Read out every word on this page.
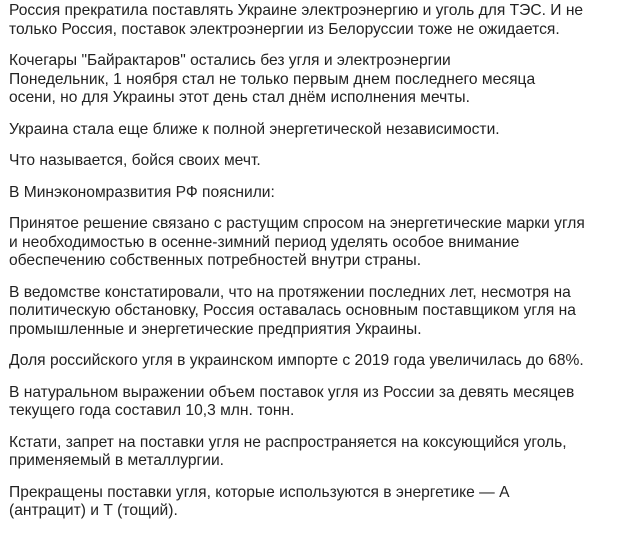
Россия прекратила поставлять Украине электроэнергию и уголь для ТЭС. И не
только Россия, поставок электроэнергии из Белоруссии тоже не ожидается.

Кочегары "Байрактаров" остались без угля и электроэнергии
Понедельник, 1 ноября стал не только первым днем последнего месяца
осени, но для Украины этот день стал днём исполнения мечты.

Украина стала еще ближе к полной энергетической независимости.

Что называется, бойся своих мечт.

В Минэкономразвития РФ пояснили:

Принятое решение связано с растущим спросом на энергетические марки угля
и необходимостью в осенне-зимний период уделять особое внимание
обеспечению собственных потребностей внутри страны.

В ведомстве констатировали, что на протяжении последних лет, несмотря на
политическую обстановку, Россия оставалась основным поставщиком угля на
промышленные и энергетические предприятия Украины.

Доля российского угля в украинском импорте с 2019 года увеличилась до 68%.

В натуральном выражении объем поставок угля из России за девять месяцев
текущего года составил 10,3 млн. тонн.

Кстати, запрет на поставки угля не распространяется на коксующийся уголь,
применяемый в металлургии.

Прекращены поставки угля, которые используются в энергетике — А
(антрацит) и Т (тощий).
